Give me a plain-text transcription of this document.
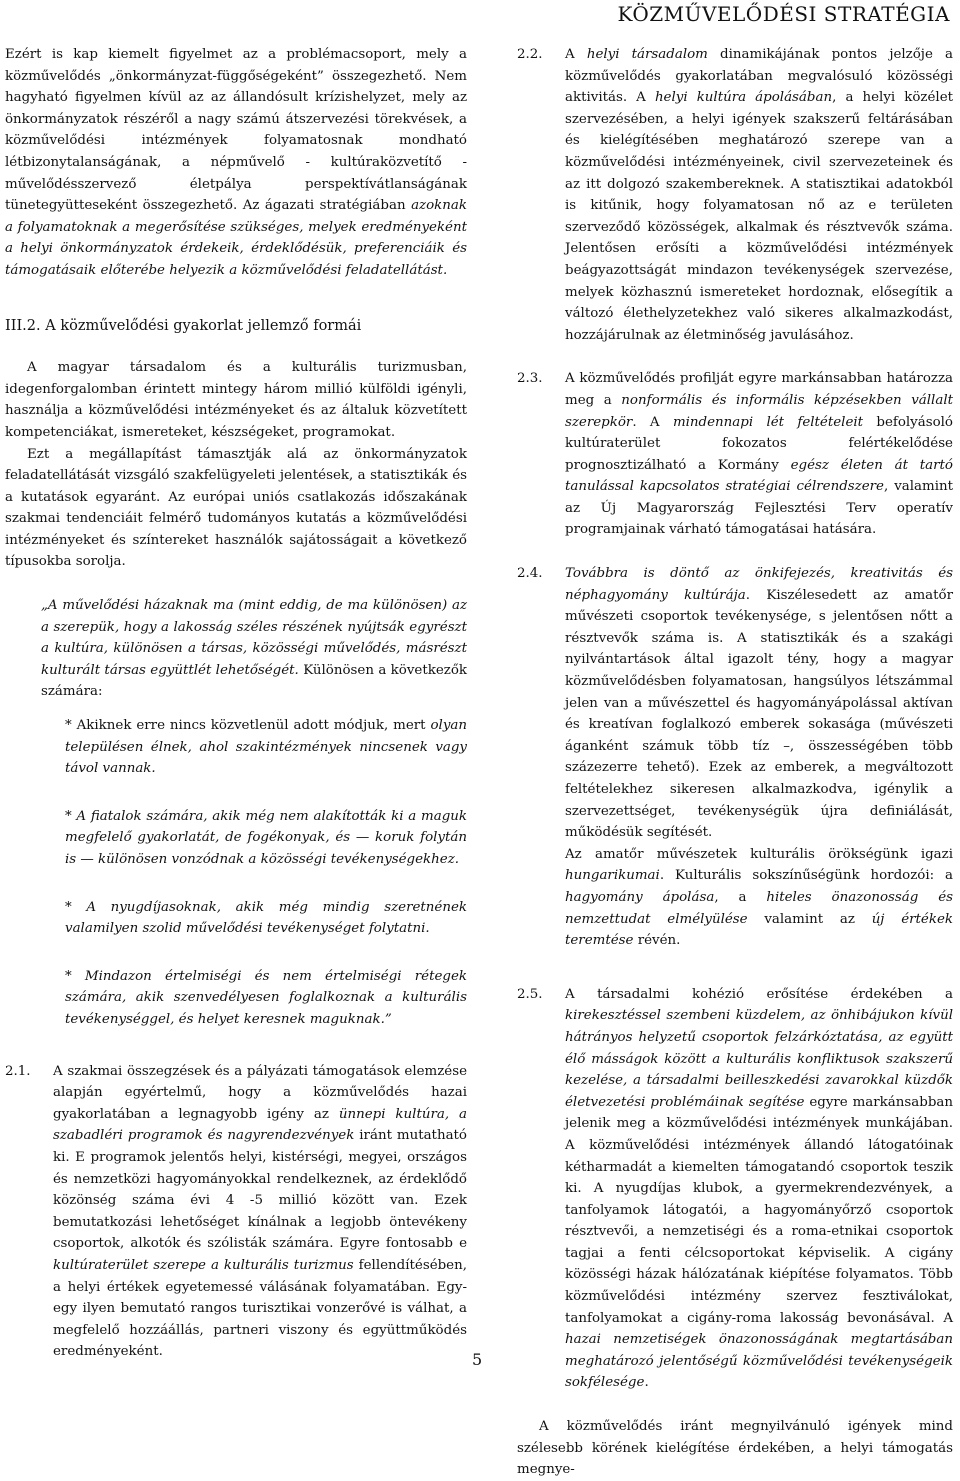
KÖZMŰVELŐDÉSI STRATÉGIA

Ezért is kap kiemelt figyelmet az a problémacsoport, mely a közművelődés „önkormányzat-függőségeként” összegezhető. Nem hagyható figyelmen kívül az az állandósult krízishelyzet, mely az önkormányzatok részéről a nagy számú átszervezési törekvések, a közművelődési intézmények folyamatosnak mondható létbizonytalanságának, a népművelő - kultúraközvetítő - művelődésszervező életpálya perspektívátlanságának tünetegyütteseként összegezhető. Az ágazati stratégiában azoknak a folyamatoknak a megerősítése szükséges, melyek eredményeként a helyi önkormányzatok érdekeik, érdeklődésük, preferenciáik és támogatásaik előterébe helyezik a közművelődési feladatellátást.

III.2. A közművelődési gyakorlat jellemző formái

A magyar társadalom és a kulturális turizmusban, idegenforgalomban érintett mintegy három millió külföldi igényli, használja a közművelődési intézményeket és az általuk közvetített kompetenciákat, ismereteket, készségeket, programokat.

Ezt a megállapítást támasztják alá az önkormányzatok feladatellátását vizsgáló szakfelügyeleti jelentések, a statisztikák és a kutatások egyaránt. Az európai uniós csatlakozás időszakának szakmai tendenciáit felmérő tudományos kutatás a közművelődési intézményeket és színtereket használók sajátosságait a következő típusokba sorolja.

„A művelődési házaknak ma (mint eddig, de ma különösen) az a szerepük, hogy a lakosság széles részének nyújtsák egyrészt a kultúra, különösen a társas, közösségi művelődés, másrészt kulturált társas együttlét lehetőségét. Különösen a következők számára:

* Akiknek erre nincs közvetlenül adott módjuk, mert olyan településen élnek, ahol szakintézmények nincsenek vagy távol vannak.

* A fiatalok számára, akik még nem alakították ki a maguk megfelelő gyakorlatát, de fogékonyak, és — koruk folytán is — különösen vonzódnak a közösségi tevékenységekhez.

* A nyugdíjasoknak, akik még mindig szeretnének valamilyen szolid művelődési tevékenységet folytatni.

* Mindazon értelmiségi és nem értelmiségi rétegek számára, akik szenvedélyesen foglalkoznak a kulturális tevékenységgel, és helyet keresnek maguknak.”

2.1.	A szakmai összegzések és a pályázati támogatások elemzése alapján egyértelmű, hogy a közművelődés hazai gyakorlatában a legnagyobb igény az ünnepi kultúra, a szabadléri programok és nagyrendezvények iránt mutatható ki. E programok jelentős helyi, kistérségi, megyei, országos és nemzetközi hagyományokkal rendelkeznek, az érdeklődő közönség száma évi 4 -5 millió között van. Ezek bemutatkozási lehetőséget kínálnak a legjobb öntevékeny csoportok, alkotók és szólisták számára. Egyre fontosabb e kultúraterület szerepe a kulturális turizmus fellendítésében, a helyi értékek egyetemessé válásának folyamatában. Egy-egy ilyen bemutató rangos turisztikai vonzerővé is válhat, a megfelelő hozzáállás, partneri viszony és együttműködés eredményeként.
2.2.	A helyi társadalom dinamikájának pontos jelzője a közművelődés gyakorlatában megvalósuló közösségi aktivitás. A helyi kultúra ápolásában, a helyi közélet szervezésében, a helyi igények szakszerű feltárásában és kielégítésében meghatározó szerepe van a közművelődési intézményeinek, civil szervezeteinek és az itt dolgozó szakembereknek. A statisztikai adatokból is kitűnik, hogy folyamatosan nő az e területen szerveződő közösségek, alkalmak és résztvevők száma. Jelentősen erősíti a közművelődési intézmények beágyazottságát mindazon tevékenységek szervezése, melyek közhasznú ismereteket hordoznak, elősegítik a változó élethelyzetekhez való sikeres alkalmazkodást, hozzájárulnak az életminőség javulásához.
2.3.	A közművelődés profilját egyre markánsabban határozza meg a nonformális és informális képzésekben vállalt szerepkör. A mindennapi lét feltételeit befolyásoló kultúraterület fokozatos felértékelődése prognosztizálható a Kormány egész életen át tartó tanulással kapcsolatos stratégiai célrendszere, valamint az Új Magyarország Fejlesztési Terv operatív programjainak várható támogatásai hatására.
2.4.	Továbbra is döntő az önkifejezés, kreativitás és néphagyomány kultúrája. Kiszélesedett az amatőr művészeti csoportok tevékenysége, s jelentősen nőtt a résztvevők száma is. A statisztikák és a szakági nyilvántartások által igazolt tény, hogy a magyar közművelődésben folyamatosan, hangsúlyos létszámmal jelen van a művészettel és hagyományápolással aktívan és kreatívan foglalkozó emberek sokasága (művészeti áganként számuk több tíz –, összességében több százezerre tehető). Ezek az emberek, a megváltozott feltételekhez sikeresen alkalmazkodva, igénylik a szervezettséget, tevékenységük újra definiálását, működésük segítését.

Az amatőr művészetek kulturális örökségünk igazi hungarikumai. Kulturális sokszínűségünk hordozói: a hagyomány ápolása, a hiteles önazonosság és nemzettudat elmélyülése valamint az új értékek teremtése révén.

2.5.	A társadalmi kohézió erősítése érdekében a kirekesztéssel szembeni küzdelem, az önhibájukon kívül hátrányos helyzetű csoportok felzárkóztatása, az együtt élő másságok között a kulturális konfliktusok szakszerű kezelése, a társadalmi beilleszkedési zavarokkal küzdők életvezetési problémáinak segítése egyre markánsabban jelenik meg a közművelődési intézmények munkájában. A közművelődési intézmények állandó látogatóinak kétharmadát a kiemelten támogatandó csoportok teszik ki. A nyugdíjas klubok, a gyermekrendezvények, a tanfolyamok látogatói, a hagyományőrző csoportok résztvevői, a nemzetiségi és a roma-etnikai csoportok tagjai a fenti célcsoportokat képviselik. A cigány közösségi házak hálózatának kiépítése folyamatos. Több közművelődési intézmény szervez fesztiválokat, tanfolyamokat a cigány-roma lakosság bevonásával. A hazai nemzetiségek önazonosságának megtartásában meghatározó jelentőségű közművelődési tevékenységeik sokfélesége.

A közművelődés iránt megnyilvánuló igények mind szélesebb körének kielégítése érdekében, a helyi támogatás megnye-

5
